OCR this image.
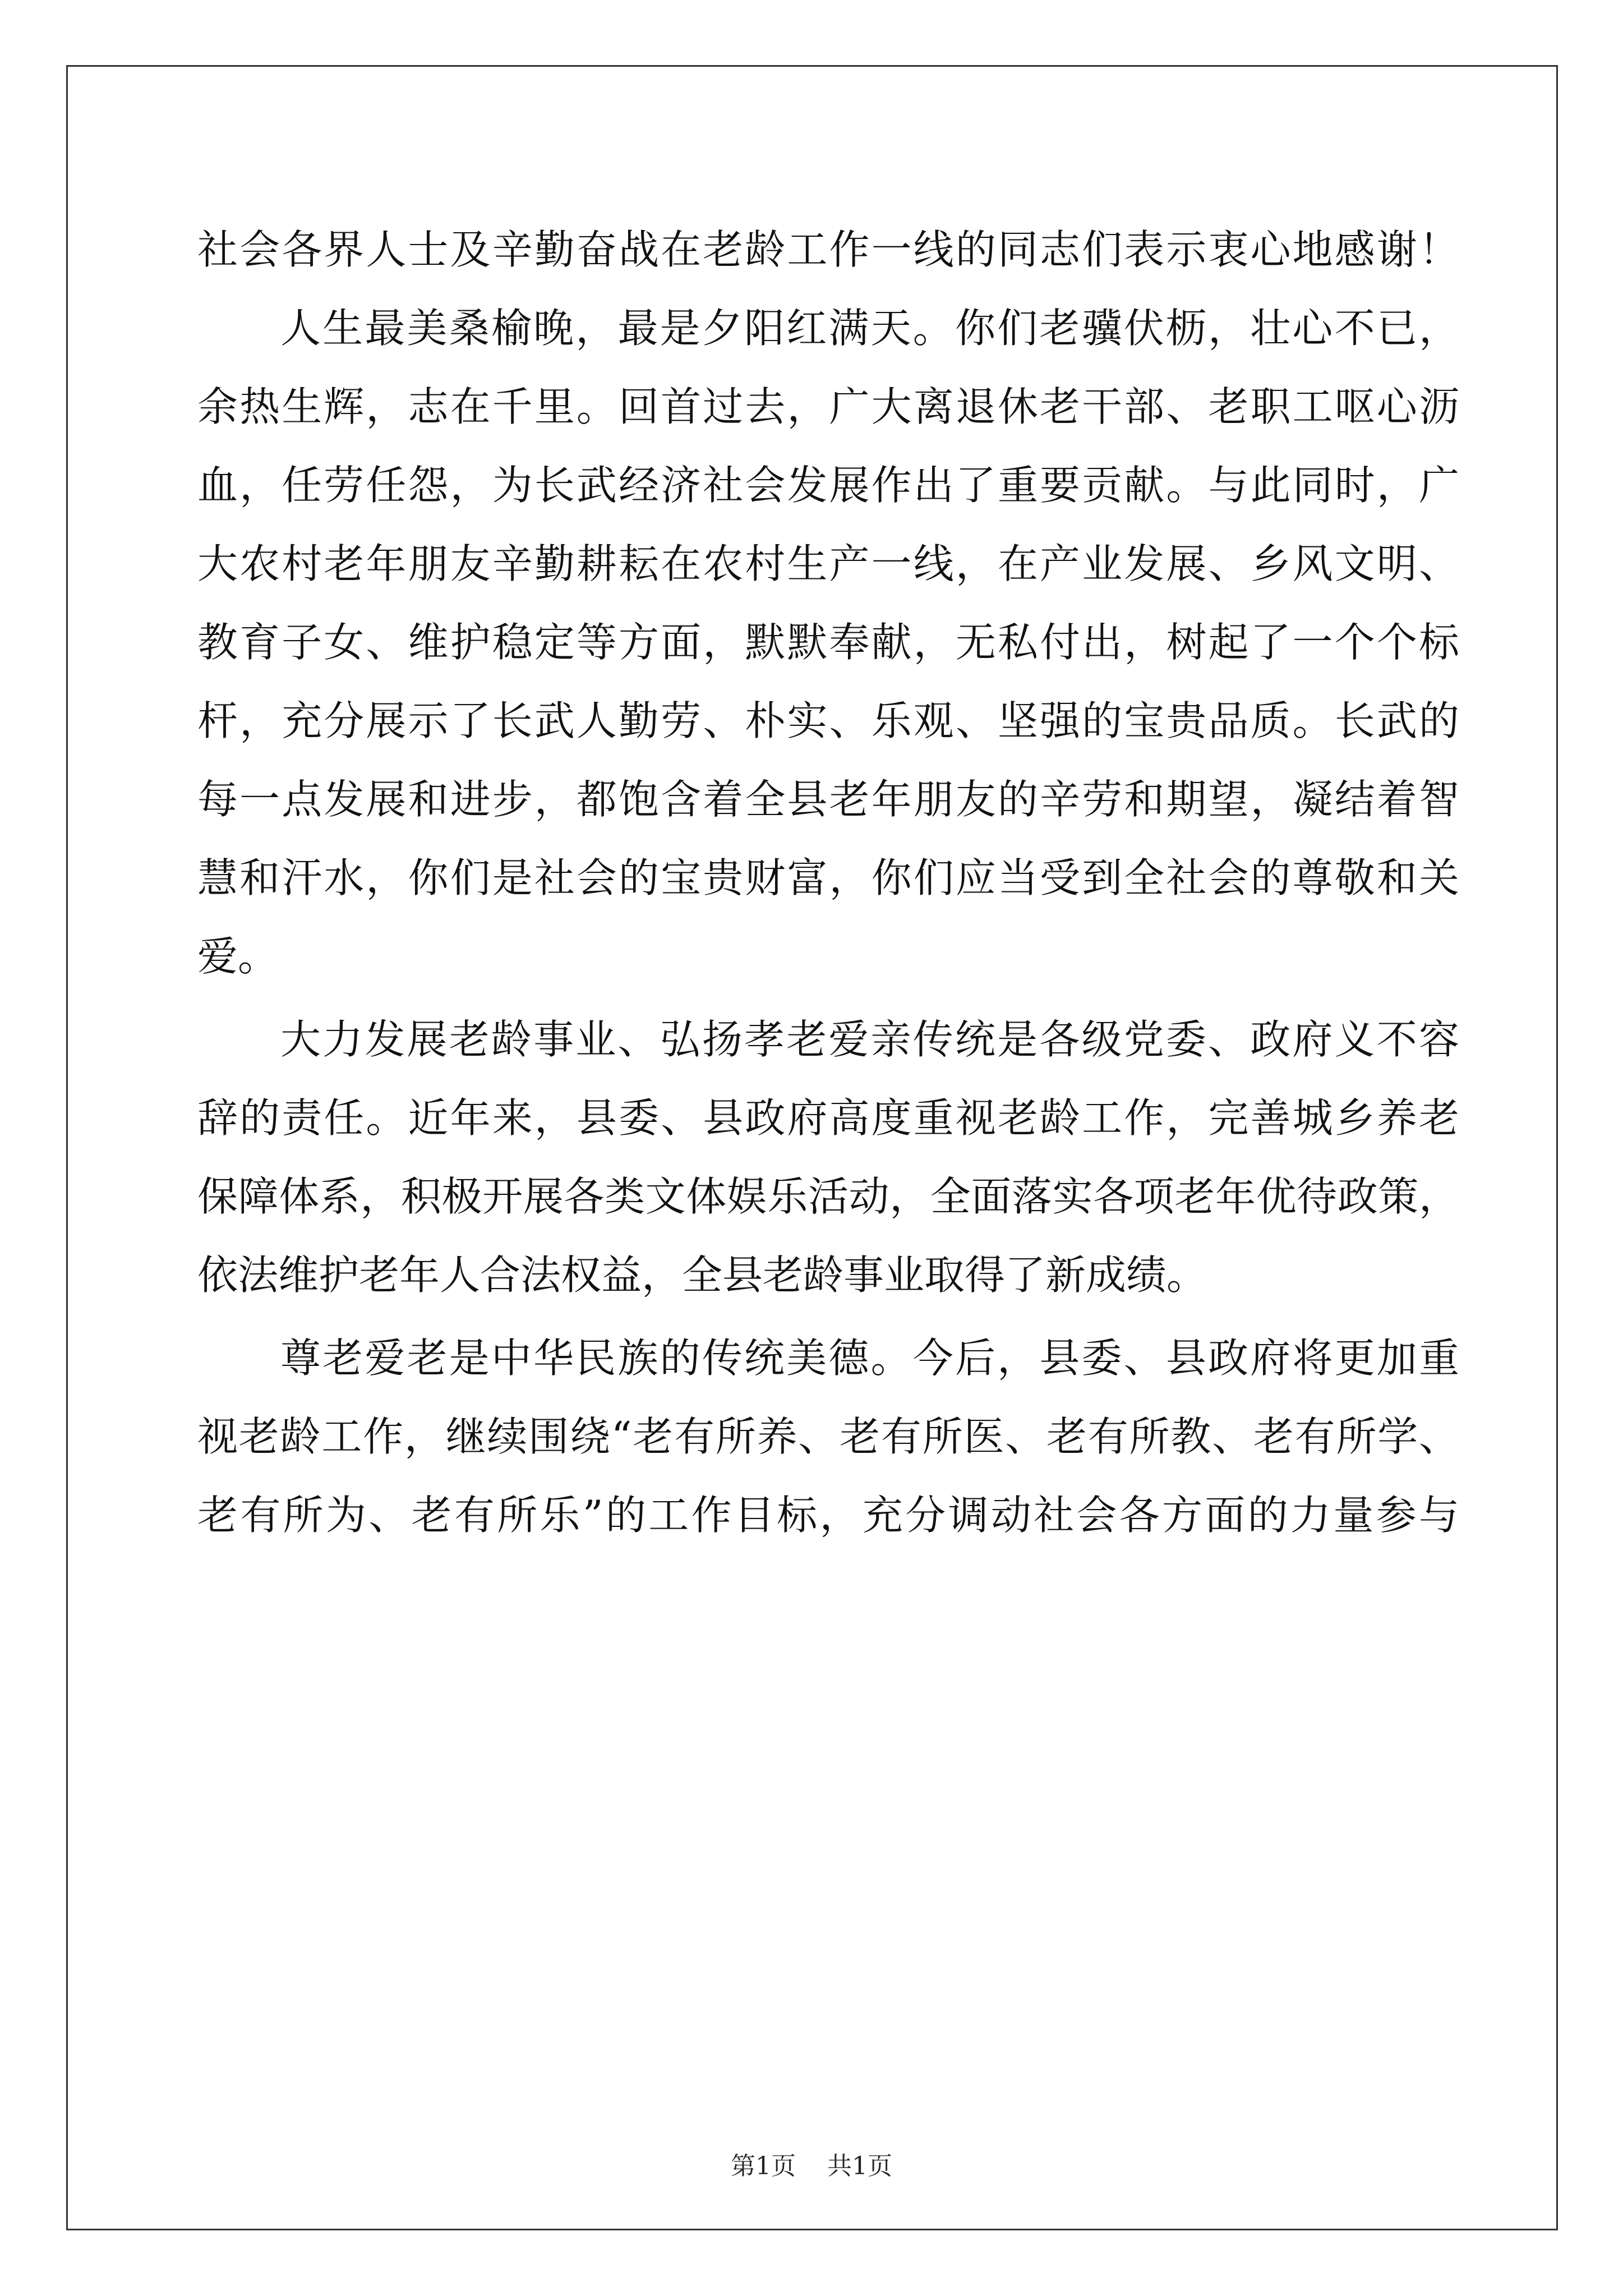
社会各界人士及辛勤奋战在老龄工作一线的同志们表示衷心地感谢！
人生最美桑榆晚，最是夕阳红满天。你们老骥伏枥，壮心不已，
余热生辉，志在千里。回首过去，广大离退休老干部、老职工呕心沥
血，任劳任怨，为长武经济社会发展作出了重要贡献。与此同时，广
大农村老年朋友辛勤耕耘在农村生产一线，在产业发展、乡风文明、
教育子女、维护稳定等方面，默默奉献，无私付出，树起了一个个标
杆，充分展示了长武人勤劳、朴实、乐观、坚强的宝贵品质。长武的
每一点发展和进步，都饱含着全县老年朋友的辛劳和期望，凝结着智
慧和汗水，你们是社会的宝贵财富，你们应当受到全社会的尊敬和关
爱。
大力发展老龄事业、弘扬孝老爱亲传统是各级党委、政府义不容
辞的责任。近年来，县委、县政府高度重视老龄工作，完善城乡养老
保障体系，积极开展各类文体娱乐活动，全面落实各项老年优待政策，
依法维护老年人合法权益，全县老龄事业取得了新成绩。
尊老爱老是中华民族的传统美德。今后，县委、县政府将更加重
视老龄工作，继续围绕“老有所养、老有所医、老有所教、老有所学、
老有所为、老有所乐”的工作目标，充分调动社会各方面的力量参与
第1页 共1页
